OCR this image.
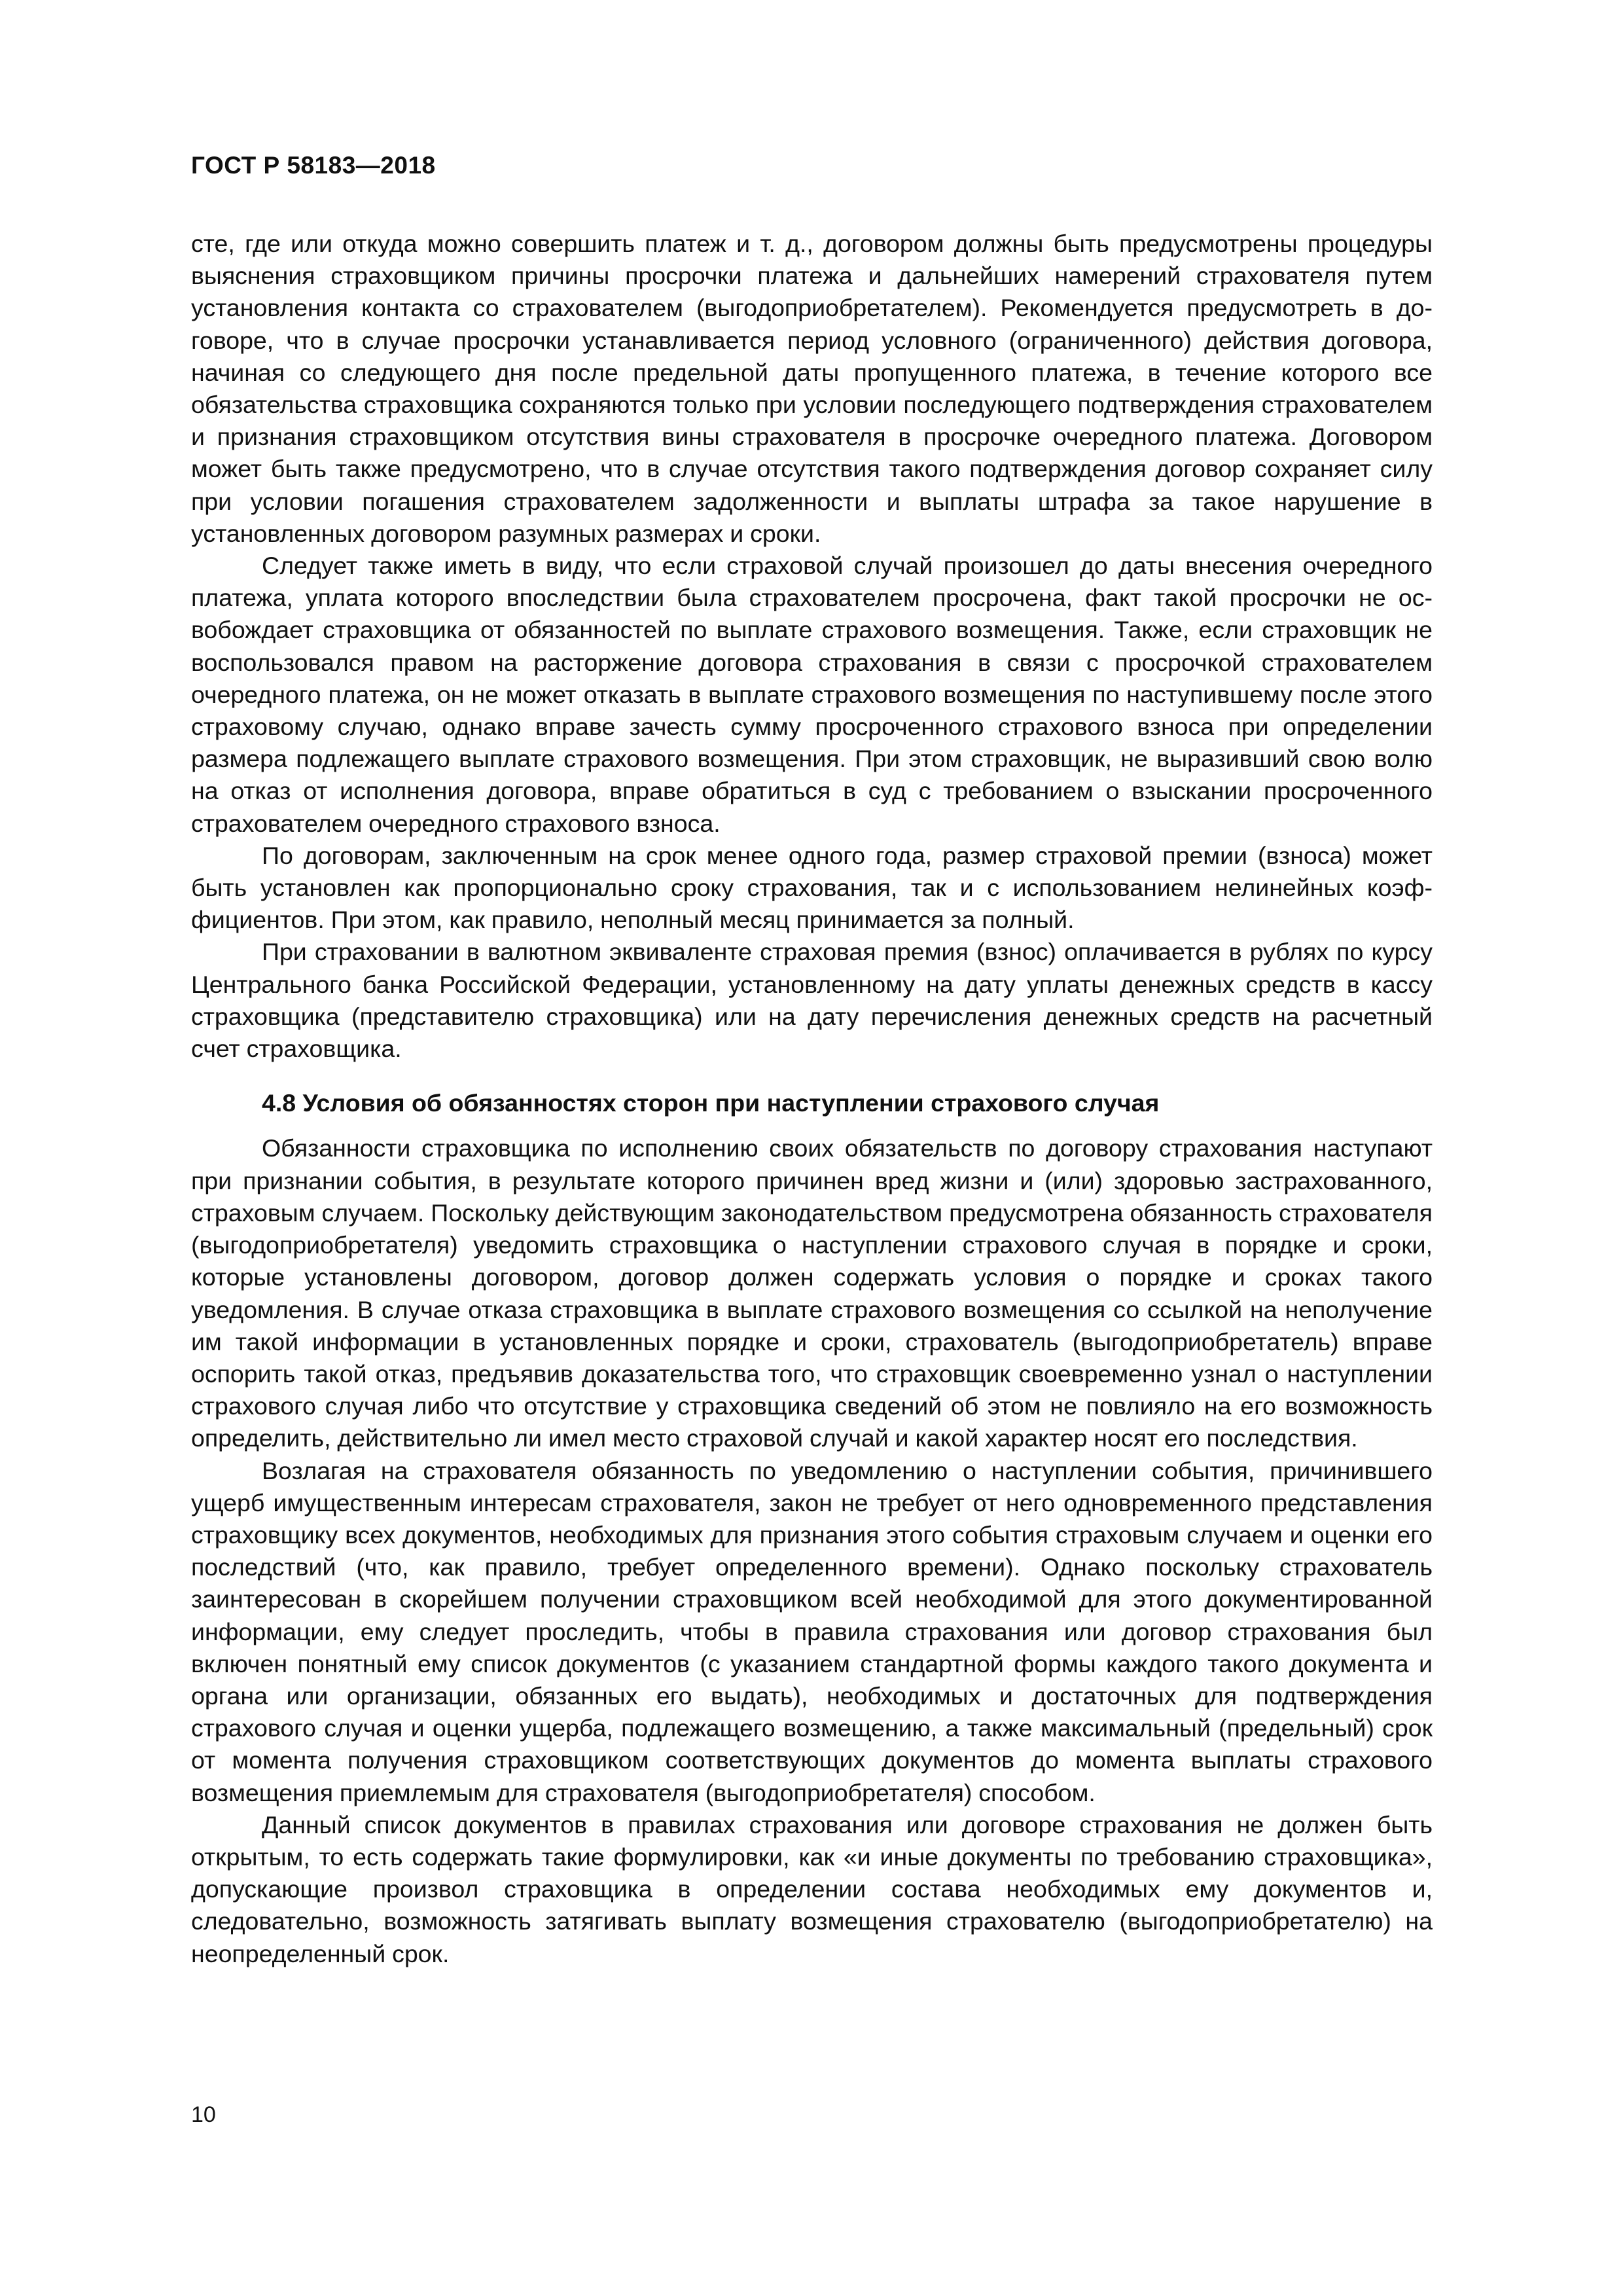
ГОСТ Р 58183—2018

сте, где или откуда можно совершить платеж и т. д., договором должны быть предусмотрены процедуры выяснения страховщиком причины просрочки платежа и дальнейших намерений страхователя путем установления контакта со страхователем (выгодоприобретателем). Рекомендуется предусмотреть в договоре, что в случае просрочки устанавливается период условного (ограниченного) действия договора, начиная со следующего дня после предельной даты пропущенного платежа, в течение которого все обязательства страховщика сохраняются только при условии последующего подтверждения страхователем и признания страховщиком отсутствия вины страхователя в просрочке очередного платежа. Договором может быть также предусмотрено, что в случае отсутствия такого подтверждения договор сохраняет силу при условии погашения страхователем задолженности и выплаты штрафа за такое нарушение в установленных договором разумных размерах и сроки.

Следует также иметь в виду, что если страховой случай произошел до даты внесения очередного платежа, уплата которого впоследствии была страхователем просрочена, факт такой просрочки не освобождает страховщика от обязанностей по выплате страхового возмещения. Также, если страховщик не воспользовался правом на расторжение договора страхования в связи с просрочкой страхователем очередного платежа, он не может отказать в выплате страхового возмещения по наступившему после этого страховому случаю, однако вправе зачесть сумму просроченного страхового взноса при определении размера подлежащего выплате страхового возмещения. При этом страховщик, не выразивший свою волю на отказ от исполнения договора, вправе обратиться в суд с требованием о взыскании просроченного страхователем очередного страхового взноса.

По договорам, заключенным на срок менее одного года, размер страховой премии (взноса) может быть установлен как пропорционально сроку страхования, так и с использованием нелинейных коэффициентов. При этом, как правило, неполный месяц принимается за полный.

При страховании в валютном эквиваленте страховая премия (взнос) оплачивается в рублях по курсу Центрального банка Российской Федерации, установленному на дату уплаты денежных средств в кассу страховщика (представителю страховщика) или на дату перечисления денежных средств на расчетный счет страховщика.

4.8 Условия об обязанностях сторон при наступлении страхового случая

Обязанности страховщика по исполнению своих обязательств по договору страхования наступают при признании события, в результате которого причинен вред жизни и (или) здоровью застрахованного, страховым случаем. Поскольку действующим законодательством предусмотрена обязанность страхователя (выгодоприобретателя) уведомить страховщика о наступлении страхового случая в порядке и сроки, которые установлены договором, договор должен содержать условия о порядке и сроках такого уведомления. В случае отказа страховщика в выплате страхового возмещения со ссылкой на неполучение им такой информации в установленных порядке и сроки, страхователь (выгодоприобретатель) вправе оспорить такой отказ, предъявив доказательства того, что страховщик своевременно узнал о наступлении страхового случая либо что отсутствие у страховщика сведений об этом не повлияло на его возможность определить, действительно ли имел место страховой случай и какой характер носят его последствия.

Возлагая на страхователя обязанность по уведомлению о наступлении события, причинившего ущерб имущественным интересам страхователя, закон не требует от него одновременного представления страховщику всех документов, необходимых для признания этого события страховым случаем и оценки его последствий (что, как правило, требует определенного времени). Однако поскольку страхователь заинтересован в скорейшем получении страховщиком всей необходимой для этого документированной информации, ему следует проследить, чтобы в правила страхования или договор страхования был включен понятный ему список документов (с указанием стандартной формы каждого такого документа и органа или организации, обязанных его выдать), необходимых и достаточных для подтверждения страхового случая и оценки ущерба, подлежащего возмещению, а также максимальный (предельный) срок от момента получения страховщиком соответствующих документов до момента выплаты страхового возмещения приемлемым для страхователя (выгодоприобретателя) способом.

Данный список документов в правилах страхования или договоре страхования не должен быть открытым, то есть содержать такие формулировки, как «и иные документы по требованию страховщика», допускающие произвол страховщика в определении состава необходимых ему документов и, следовательно, возможность затягивать выплату возмещения страхователю (выгодоприобретателю) на неопределенный срок.

10
